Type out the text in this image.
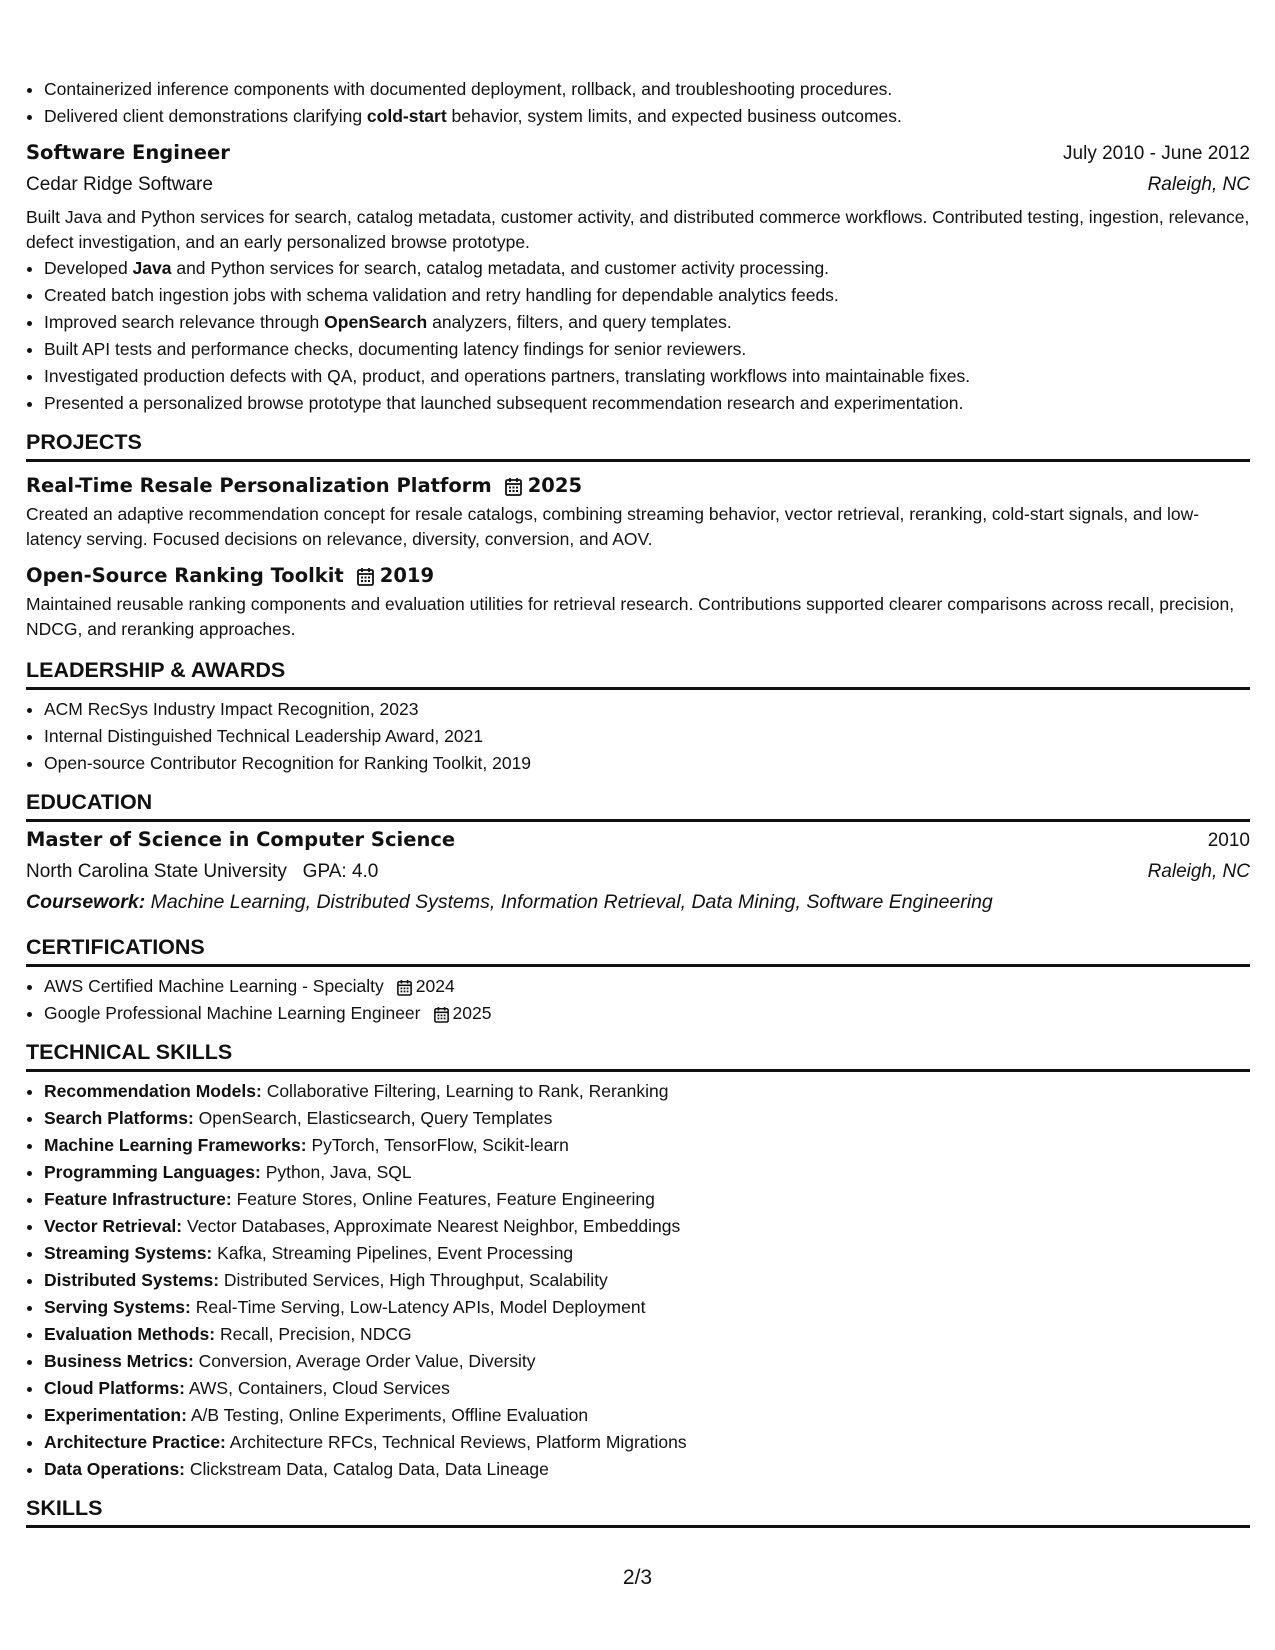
• Containerized inference components with documented deployment, rollback, and troubleshooting procedures.
• Delivered client demonstrations clarifying cold-start behavior, system limits, and expected business outcomes.
Software Engineer	July 2010 - June 2012
Cedar Ridge Software	Raleigh, NC

Built Java and Python services for search, catalog metadata, customer activity, and distributed commerce workflows. Contributed testing, ingestion, relevance, defect investigation, and an early personalized browse prototype.

• Developed Java and Python services for search, catalog metadata, and customer activity processing.
• Created batch ingestion jobs with schema validation and retry handling for dependable analytics feeds.
• Improved search relevance through OpenSearch analyzers, filters, and query templates.
• Built API tests and performance checks, documenting latency findings for senior reviewers.
• Investigated production defects with QA, product, and operations partners, translating workflows into maintainable fixes.
• Presented a personalized browse prototype that launched subsequent recommendation research and experimentation.
PROJECTS
Real-Time Resale Personalization Platform 2025

Created an adaptive recommendation concept for resale catalogs, combining streaming behavior, vector retrieval, reranking, cold-start signals, and low-latency serving. Focused decisions on relevance, diversity, conversion, and AOV.

Open-Source Ranking Toolkit 2019

Maintained reusable ranking components and evaluation utilities for retrieval research. Contributions supported clearer comparisons across recall, precision, NDCG, and reranking approaches.

LEADERSHIP & AWARDS
• ACM RecSys Industry Impact Recognition, 2023
• Internal Distinguished Technical Leadership Award, 2021
• Open-source Contributor Recognition for Ranking Toolkit, 2019
EDUCATION
Master of Science in Computer Science	2010
North Carolina State University GPA: 4.0	Raleigh, NC
Coursework: Machine Learning, Distributed Systems, Information Retrieval, Data Mining, Software Engineering
CERTIFICATIONS
• AWS Certified Machine Learning - Specialty 2024
• Google Professional Machine Learning Engineer 2025
TECHNICAL SKILLS
• Recommendation Models: Collaborative Filtering, Learning to Rank, Reranking
• Search Platforms: OpenSearch, Elasticsearch, Query Templates
• Machine Learning Frameworks: PyTorch, TensorFlow, Scikit-learn
• Programming Languages: Python, Java, SQL
• Feature Infrastructure: Feature Stores, Online Features, Feature Engineering
• Vector Retrieval: Vector Databases, Approximate Nearest Neighbor, Embeddings
• Streaming Systems: Kafka, Streaming Pipelines, Event Processing
• Distributed Systems: Distributed Services, High Throughput, Scalability
• Serving Systems: Real-Time Serving, Low-Latency APIs, Model Deployment
• Evaluation Methods: Recall, Precision, NDCG
• Business Metrics: Conversion, Average Order Value, Diversity
• Cloud Platforms: AWS, Containers, Cloud Services
• Experimentation: A/B Testing, Online Experiments, Offline Evaluation
• Architecture Practice: Architecture RFCs, Technical Reviews, Platform Migrations
• Data Operations: Clickstream Data, Catalog Data, Data Lineage
SKILLS
2/3
